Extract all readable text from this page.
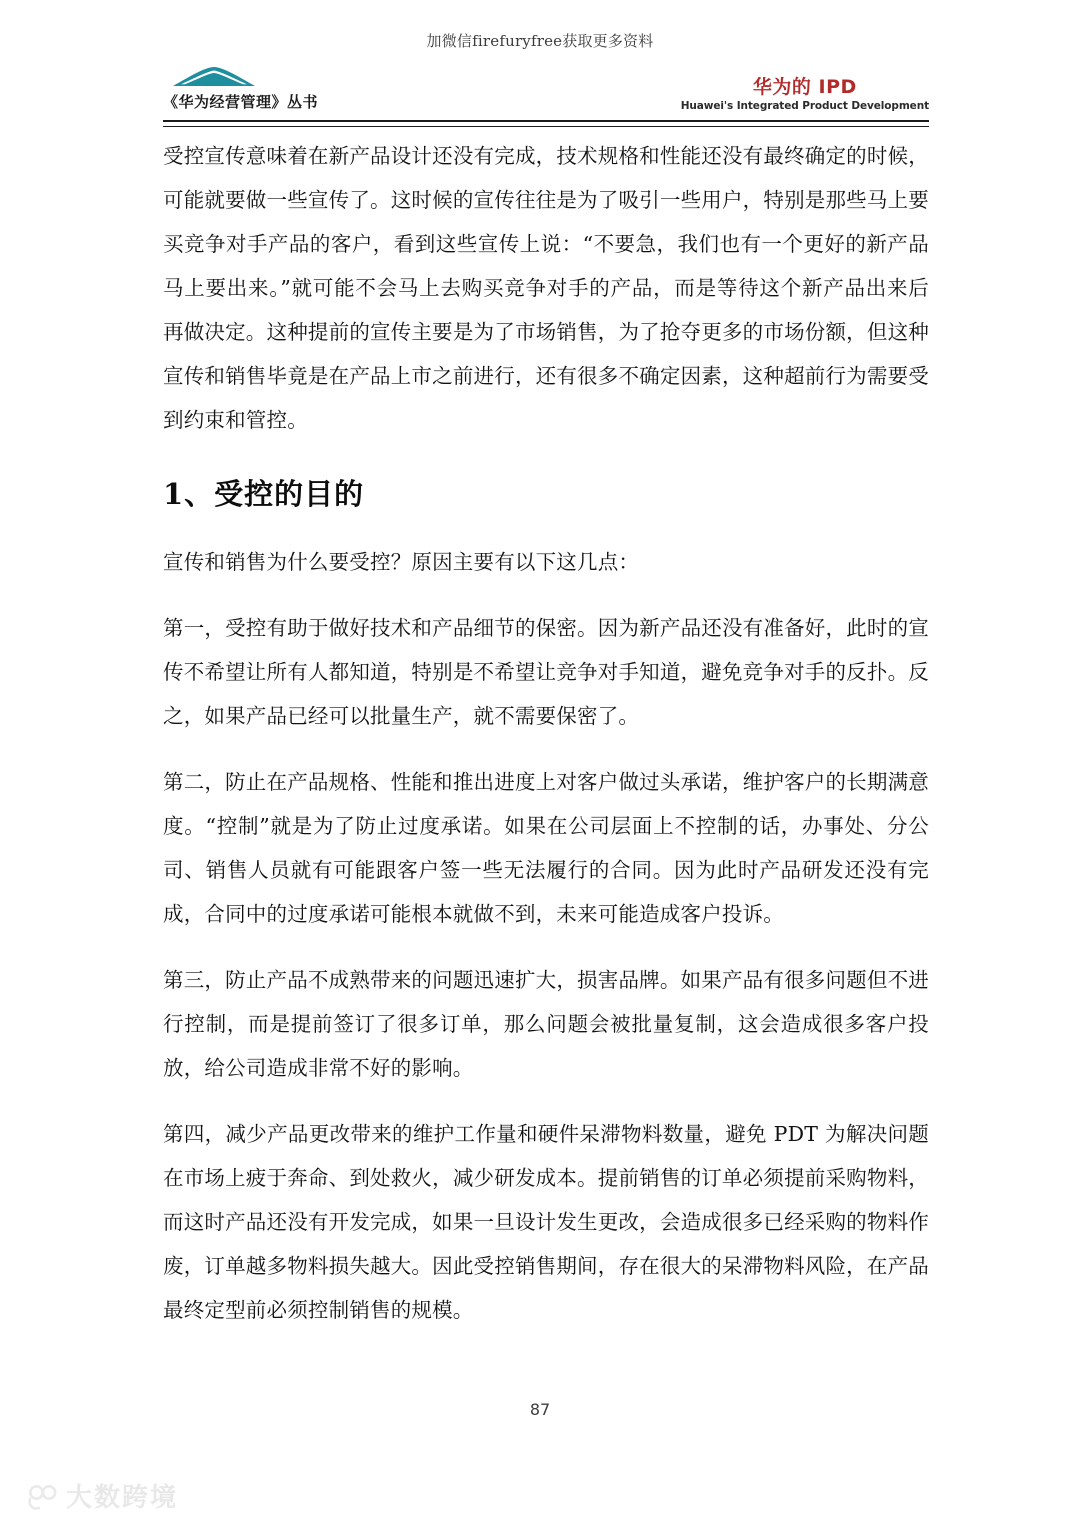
加微信firefuryfree获取更多资料
《华为经营管理》丛书
华为的 IPD
Huawei's Integrated Product Development

受控宣传意味着在新产品设计还没有完成，技术规格和性能还没有最终确定的时候，可能就要做一些宣传了。这时候的宣传往往是为了吸引一些用户，特别是那些马上要买竞争对手产品的客户，看到这些宣传上说：“不要急，我们也有一个更好的新产品马上要出来。”就可能不会马上去购买竞争对手的产品，而是等待这个新产品出来后再做决定。这种提前的宣传主要是为了市场销售，为了抢夺更多的市场份额，但这种宣传和销售毕竟是在产品上市之前进行，还有很多不确定因素，这种超前行为需要受到约束和管控。

1、受控的目的

宣传和销售为什么要受控？原因主要有以下这几点：

第一，受控有助于做好技术和产品细节的保密。因为新产品还没有准备好，此时的宣传不希望让所有人都知道，特别是不希望让竞争对手知道，避免竞争对手的反扑。反之，如果产品已经可以批量生产，就不需要保密了。

第二，防止在产品规格、性能和推出进度上对客户做过头承诺，维护客户的长期满意度。“控制”就是为了防止过度承诺。如果在公司层面上不控制的话，办事处、分公司、销售人员就有可能跟客户签一些无法履行的合同。因为此时产品研发还没有完成，合同中的过度承诺可能根本就做不到，未来可能造成客户投诉。

第三，防止产品不成熟带来的问题迅速扩大，损害品牌。如果产品有很多问题但不进行控制，而是提前签订了很多订单，那么问题会被批量复制，这会造成很多客户投放，给公司造成非常不好的影响。

第四，减少产品更改带来的维护工作量和硬件呆滞物料数量，避免 PDT 为解决问题在市场上疲于奔命、到处救火，减少研发成本。提前销售的订单必须提前采购物料，而这时产品还没有开发完成，如果一旦设计发生更改，会造成很多已经采购的物料作废，订单越多物料损失越大。因此受控销售期间，存在很大的呆滞物料风险，在产品最终定型前必须控制销售的规模。

87
大数跨境
